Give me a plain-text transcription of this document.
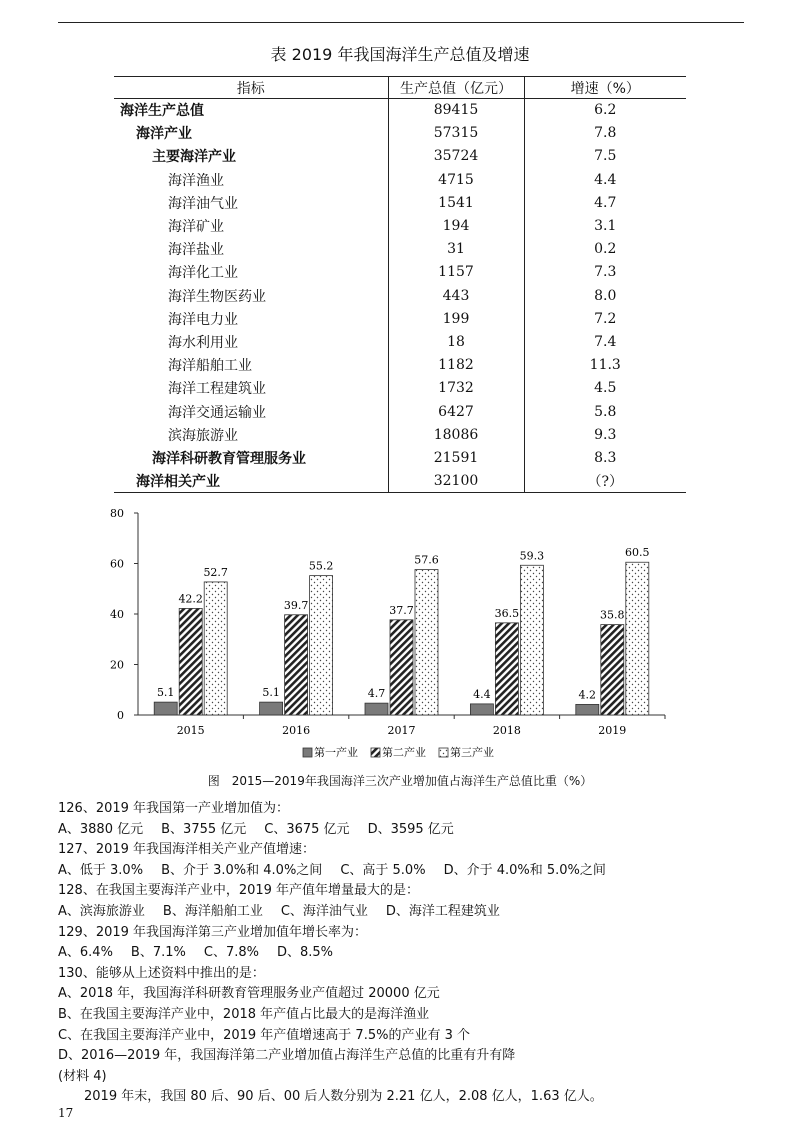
表 2019 年我国海洋生产总值及增速
指标	生产总值（亿元）	增速（%）
海洋生产总值	89415	6.2
海洋产业	57315	7.8
主要海洋产业	35724	7.5
海洋渔业	4715	4.4
海洋油气业	1541	4.7
海洋矿业	194	3.1
海洋盐业	31	0.2
海洋化工业	1157	7.3
海洋生物医药业	443	8.0
海洋电力业	199	7.2
海水利用业	18	7.4
海洋船舶工业	1182	11.3
海洋工程建筑业	1732	4.5
海洋交通运输业	6427	5.8
滨海旅游业	18086	9.3
海洋科研教育管理服务业	21591	8.3
海洋相关产业	32100	（?）
0
20
40
60
80
2015
5.1
42.2
52.7
2016
5.1
39.7
55.2
2017
4.7
37.7
57.6
2018
4.4
36.5
59.3
2019
4.2
35.8
60.5
第一产业 第二产业 第三产业
图　2015—2019年我国海洋三次产业增加值占海洋生产总值比重（%）
126、2019 年我国第一产业增加值为：
A、3880 亿元 B、3755 亿元 C、3675 亿元 D、3595 亿元
127、2019 年我国海洋相关产业产值增速：
A、低于 3.0% B、介于 3.0%和 4.0%之间 C、高于 5.0% D、介于 4.0%和 5.0%之间
128、在我国主要海洋产业中，2019 年产值年增量最大的是：
A、滨海旅游业 B、海洋船舶工业 C、海洋油气业 D、海洋工程建筑业
129、2019 年我国海洋第三产业增加值年增长率为：
A、6.4% B、7.1% C、7.8% D、8.5%
130、能够从上述资料中推出的是：
A、2018 年，我国海洋科研教育管理服务业产值超过 20000 亿元
B、在我国主要海洋产业中，2018 年产值占比最大的是海洋渔业
C、在我国主要海洋产业中，2019 年产值增速高于 7.5%的产业有 3 个
D、2016—2019 年，我国海洋第二产业增加值占海洋生产总值的比重有升有降
(材料 4)
2019 年末，我国 80 后、90 后、00 后人数分别为 2.21 亿人，2.08 亿人，1.63 亿人。
17
